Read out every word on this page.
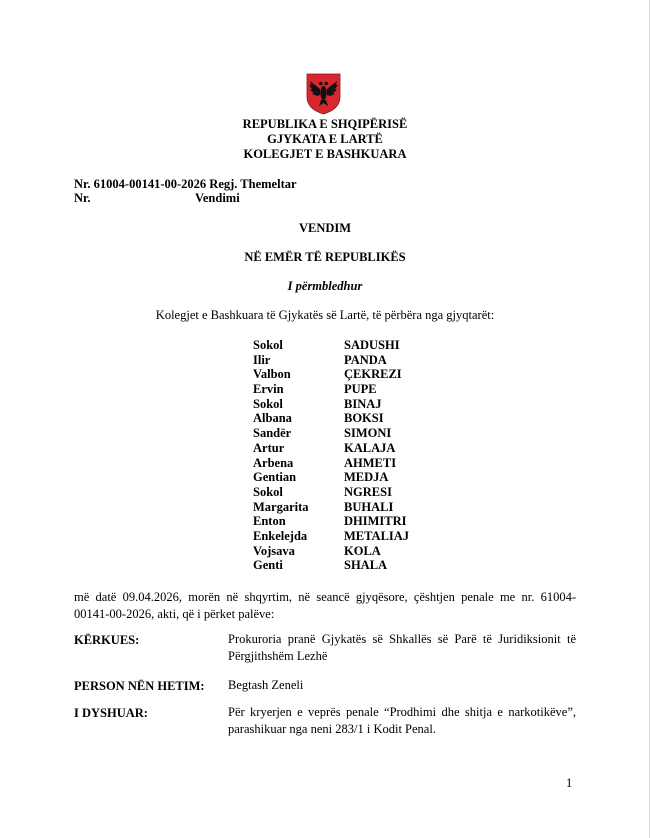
REPUBLIKA E SHQIPËRISË
GJYKATA E LARTË
KOLEGJET E BASHKUARA
Nr. 61004-00141-00-2026 Regj. Themeltar
Nr.	Vendimi
VENDIM
NË EMËR TË REPUBLIKËS
I përmbledhur
Kolegjet e Bashkuara të Gjykatës së Lartë, të përbëra nga gjyqtarët:
Sokol	SADUSHI
Ilir	PANDA
Valbon	ÇEKREZI
Ervin	PUPE
Sokol	BINAJ
Albana	BOKSI
Sandër	SIMONI
Artur	KALAJA
Arbena	AHMETI
Gentian	MEDJA
Sokol	NGRESI
Margarita	BUHALI
Enton	DHIMITRI
Enkelejda	METALIAJ
Vojsava	KOLA
Genti	SHALA
më datë 09.04.2026, morën në shqyrtim, në seancë gjyqësore, çështjen penale me nr. 61004-
00141-00-2026, akti, që i përket palëve:
KËRKUES:	Prokuroria pranë Gjykatës së Shkallës së Parë të Juridiksionit të
Përgjithshëm Lezhë
PERSON NËN HETIM: Begtash Zeneli
I DYSHUAR:	Për kryerjen e veprës penale “Prodhimi dhe shitja e narkotikëve”,
parashikuar nga neni 283/1 i Kodit Penal.
1
